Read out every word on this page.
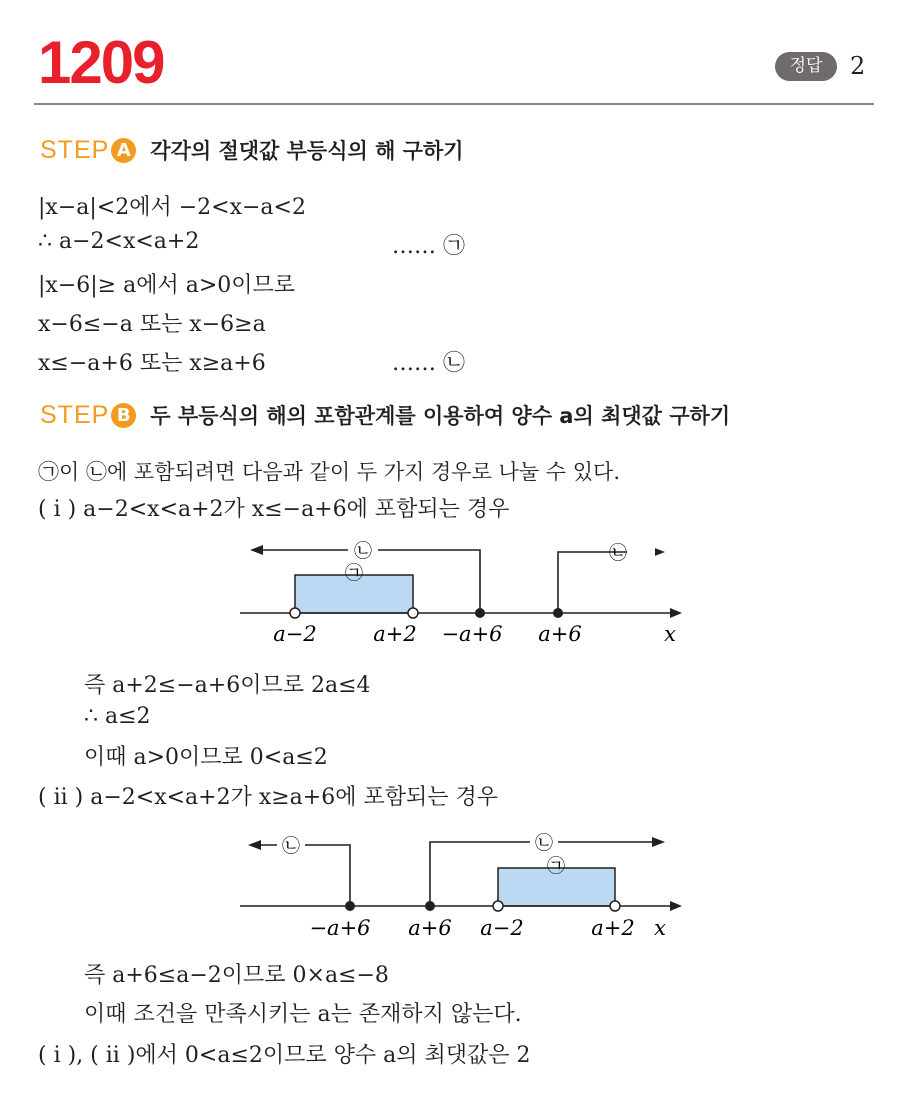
1209	정답	2
STEP A 각각의 절댓값 부등식의 해 구하기
|x−a|<2에서 −2<x−a<2
∴ a−2<x<a+2	…… ㉠
|x−6|≥ a에서 a>0이므로
x−6≤−a 또는 x−6≥a
x≤−a+6 또는 x≥a+6	…… ㉡
STEP B 두 부등식의 해의 포함관계를 이용하여 양수 a의 최댓값 구하기
㉠이 ㉡에 포함되려면 다음과 같이 두 가지 경우로 나눌 수 있다.
( i ) a−2<x<a+2가 x≤−a+6에 포함되는 경우
㉡	㉡
㉠
a−2	a+2 −a+6 a+6	x
즉 a+2≤−a+6이므로 2a≤4
∴ a≤2
이때 a>0이므로 0<a≤2
( ii ) a−2<x<a+2가 x≥a+6에 포함되는 경우
㉡	㉡
㉠
−a+6 a+6 a−2	a+2 x
즉 a+6≤a−2이므로 0×a≤−8
이때 조건을 만족시키는 a는 존재하지 않는다.
( i ), ( ii )에서 0<a≤2이므로 양수 a의 최댓값은 2
